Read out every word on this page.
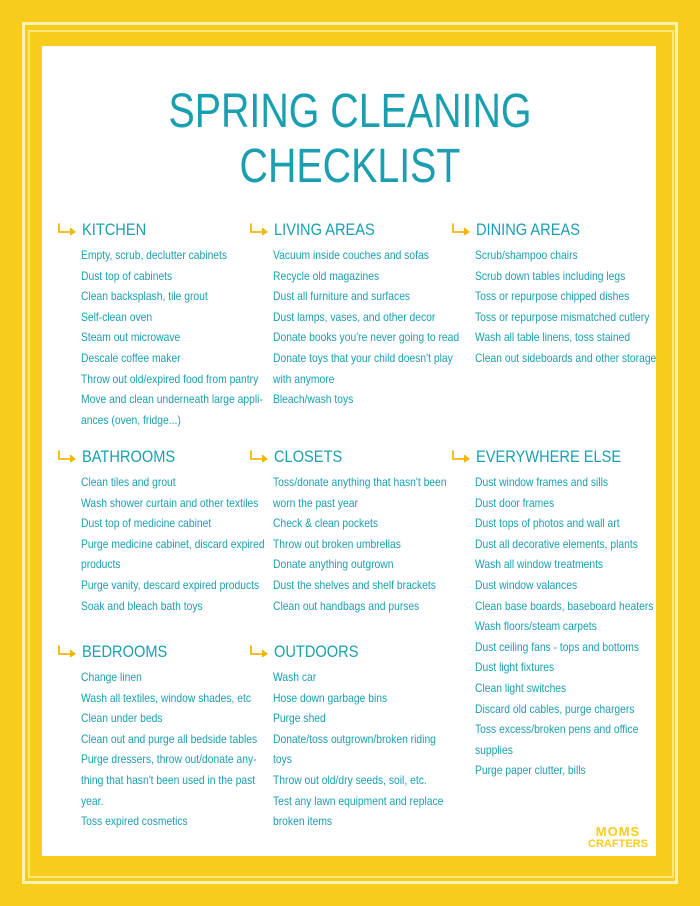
SPRING CLEANING CHECKLIST
KITCHEN
Empty, scrub, declutter cabinets
Dust top of cabinets
Clean backsplash, tile grout
Self-clean oven
Steam out microwave
Descale coffee maker
Throw out old/expired food from pantry
Move and clean underneath large appli-
ances (oven, fridge...)
LIVING AREAS
Vacuum inside couches and sofas
Recycle old magazines
Dust all furniture and surfaces
Dust lamps, vases, and other decor
Donate books you're never going to read
Donate toys that your child doesn't play
with anymore
Bleach/wash toys
DINING AREAS
Scrub/shampoo chairs
Scrub down tables including legs
Toss or repurpose chipped dishes
Toss or repurpose mismatched cutlery
Wash all table linens, toss stained
Clean out sideboards and other storage
BATHROOMS
Clean tiles and grout
Wash shower curtain and other textiles
Dust top of medicine cabinet
Purge medicine cabinet, discard expired
products
Purge vanity, descard expired products
Soak and bleach bath toys
CLOSETS
Toss/donate anything that hasn't been
worn the past year
Check & clean pockets
Throw out broken umbrellas
Donate anything outgrown
Dust the shelves and shelf brackets
Clean out handbags and purses
EVERYWHERE ELSE
Dust window frames and sills
Dust door frames
Dust tops of photos and wall art
Dust all decorative elements, plants
Wash all window treatments
Dust window valances
Clean base boards, baseboard heaters
Wash floors/steam carpets
Dust ceiling fans - tops and bottoms
Dust light fixtures
Clean light switches
Discard old cables, purge chargers
Toss excess/broken pens and office
supplies
Purge paper clutter, bills
BEDROOMS
Change linen
Wash all textiles, window shades, etc
Clean under beds
Clean out and purge all bedside tables
Purge dressers, throw out/donate any-
thing that hasn't been used in the past
year.
Toss expired cosmetics
OUTDOORS
Wash car
Hose down garbage bins
Purge shed
Donate/toss outgrown/broken riding
toys
Throw out old/dry seeds, soil, etc.
Test any lawn equipment and replace
broken items
MOMS
CRAFTERS
